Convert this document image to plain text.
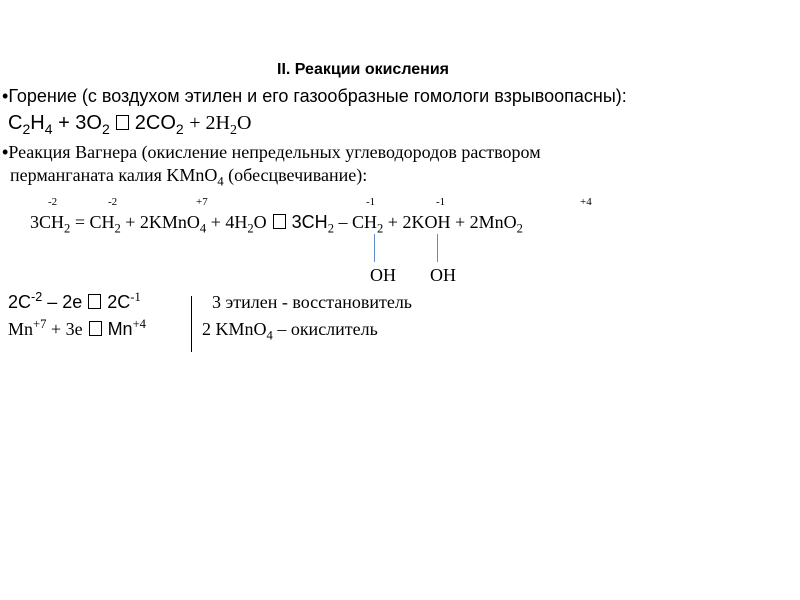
II. Реакции окисления
•Горение (с воздухом этилен и его газообразные гомологи взрывоопасны):
$C_2H_4 + 3O_2$ $2CO_2 + 2H_2O$
•Реакция Вагнера (окисление непредельных углеводородов раствором
перманганата калия KMnO$_4$ (обесцвечивание):
-2	-2	+7	-1	-1	+4
$3CH_2 = CH_2$ + 2KMnO$_4$ + $4H_2O$ $3CH_2 - CH_2 + 2KOH + 2MnO_2$
OH OH
$2C^{-2} - 2e$ $2C^{-1}$	3 этилен - восстановитель
$Mn^{+7} + 3e$ $Mn^{+4}$	2 KMnO$_4$ – окислитель
